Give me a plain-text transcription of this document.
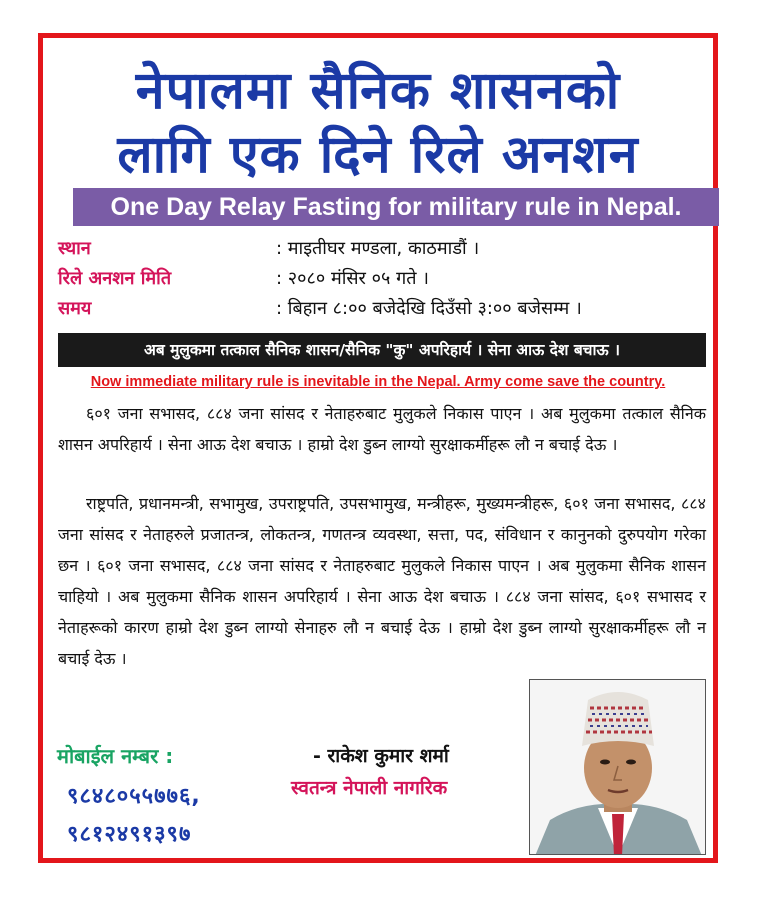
नेपालमा सैनिक शासनको
लागि एक दिने रिले अनशन
One Day Relay Fasting for military rule in Nepal.
स्थान	: माइतीघर मण्डला, काठमाडौं ।
रिले अनशन मिति	: २०८० मंसिर ०५ गते ।
समय	: बिहान ८:०० बजेदेखि दिउँसो ३:०० बजेसम्म ।
अब मुलुकमा तत्काल सैनिक शासन/सैनिक "कु" अपरिहार्य । सेना आऊ देश बचाऊ ।
Now immediate military rule is inevitable in the Nepal. Army come save the country.
६०१ जना सभासद, ८८४ जना सांसद र नेताहरुबाट मुलुकले निकास पाएन । अब मुलुकमा तत्काल सैनिक शासन अपरिहार्य । सेना आऊ देश बचाऊ । हाम्रो देश डुब्न लाग्यो सुरक्षाकर्मीहरू लौ न बचाई देऊ ।
राष्ट्रपति, प्रधानमन्त्री, सभामुख, उपराष्ट्रपति, उपसभामुख, मन्त्रीहरू, मुख्यमन्त्रीहरू, ६०१ जना सभासद, ८८४ जना सांसद र नेताहरुले प्रजातन्त्र, लोकतन्त्र, गणतन्त्र व्यवस्था, सत्ता, पद, संविधान र कानुनको दुरुपयोग गरेका छन । ६०१ जना सभासद, ८८४ जना सांसद र नेताहरुबाट मुलुकले निकास पाएन । अब मुलुकमा सैनिक शासन चाहियो । अब मुलुकमा सैनिक शासन अपरिहार्य । सेना आऊ देश बचाऊ । ८८४ जना सांसद, ६०१ सभासद र नेताहरूको कारण हाम्रो देश डुब्न लाग्यो सेनाहरु लौ न बचाई देऊ । हाम्रो देश डुब्न लाग्यो सुरक्षाकर्मीहरू लौ न बचाई देऊ ।
मोबाईल नम्बर :
९८४८०५५७७६,
९८१२४९१३९७
- राकेश कुमार शर्मा
स्वतन्त्र नेपाली नागरिक
